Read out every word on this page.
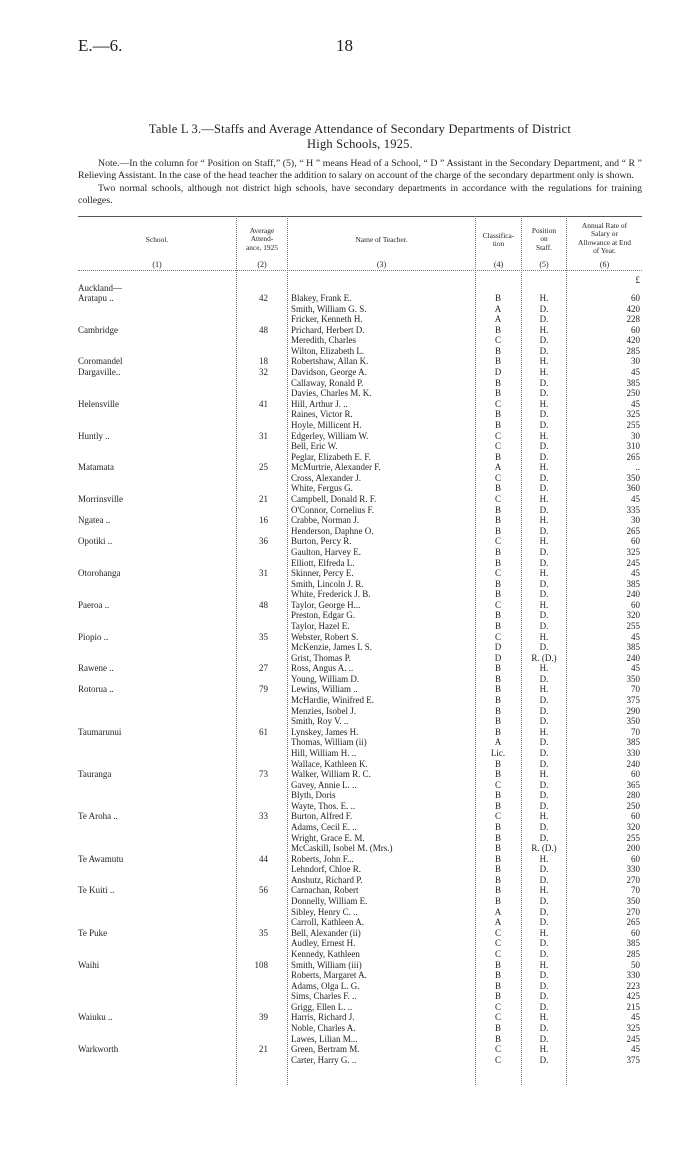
E.—6.	18
Table L 3.—Staffs and Average Attendance of Secondary Departments of District
High Schools, 1925.

Note.—In the column for “ Position on Staff,” (5), “ H ” means Head of a School, “ D ” Assistant in the Secondary Department, and “ R ” Relieving Assistant. In the case of the head teacher the addition to salary on account of the charge of the secondary department only is shown.

Two normal schools, although not district high schools, have secondary departments in accordance with the regulations for training colleges.

School.
Average
Attend-
ance, 1925
Name of Teacher.	Classifica-
tion
Position
on
Staff.
Annual Rate of
Salary or
Allowance at End
of Year.
(1)	(2)	(3)	(4)	(5)	(6)
£
Auckland—
Aratapu ..	42	Blakey, Frank E.	B	H.	60
Smith, William G. S.	A	D.	420
Fricker, Kenneth H.	A	D.	228
Cambridge	48	Prichard, Herbert D.	B	H.	60
Meredith, Charles	C	D.	420
Wilton, Elizabeth L.	B	D.	285
Coromandel	18	Robertshaw, Allan K.	B	H.	30
Dargaville..	32	Davidson, George A.	D	H.	45
Callaway, Ronald P.	B	D.	385
Davies, Charles M. K.	B	D.	250
Helensville	41	Hill, Arthur J. ..	C	H.	45
Raines, Victor R.	B	D.	325
Hoyle, Millicent H.	B	D.	255
Huntly ..	31	Edgerley, William W.	C	H.	30
Bell, Eric W.	C	D.	310
Peglar, Elizabeth E. F.	B	D.	265
Matamata	25	McMurtrie, Alexander F.	A	H.	..
Cross, Alexander J.	C	D.	350
White, Fergus G.	B	D.	360
Morrinsville	21	Campbell, Donald R. F.	C	H.	45
O'Connor, Cornelius F.	B	D.	335
Ngatea ..	16	Crabbe, Norman J.	B	H.	30
Henderson, Daphne O.	B	D.	265
Opotiki ..	36	Burton, Percy R.	C	H.	60
Gaulton, Harvey E.	B	D.	325
Elliott, Elfreda L.	B	D.	245
Otorohanga	31	Skinner, Percy E.	C	H.	45
Smith, Lincoln J. R.	B	D.	385
White, Frederick J. B.	B	D.	240
Paeroa ..	48	Taylor, George H...	C	H.	60
Preston, Edgar G.	B	D.	320
Taylor, Hazel E.	B	D.	255
Piopio ..	35	Webster, Robert S.	C	H.	45
McKenzie, James I. S.	D	D.	385
Grist, Thomas P.	D	R. (D.)	240
Rawene ..	27	Ross, Angus A. ..	B	H.	45
Young, William D.	B	D.	350
Rotorua ..	79	Lewins, William ..	B	H.	70
McHardie, Winifred E.	B	D.	375
Menzies, Isobel J.	B	D.	290
Smith, Roy V. ..	B	D.	350
Taumarunui	61	Lynskey, James H.	B	H.	70
Thomas, William (ii)	A	D.	385
Hill, William H. ..	Lic.	D.	330
Wallace, Kathleen K.	B	D.	240
Tauranga	73	Walker, William R. C.	B	H.	60
Gavey, Annie L. ..	C	D.	365
Blyth, Doris	B	D.	280
Wayte, Thos. E. ..	B	D.	250
Te Aroha ..	33	Burton, Alfred F.	C	H.	60
Adams, Cecil E. ..	B	D.	320
Wright, Grace E. M.	B	D.	255
McCaskill, Isobel M. (Mrs.)	B	R. (D.)	200
Te Awamutu	44	Roberts, John F...	B	H.	60
Lehndorf, Chloe R.	B	D.	330
Anshutz, Richard P.	B	D.	270
Te Kuiti ..	56	Carnachan, Robert	B	H.	70
Donnelly, William E.	B	D.	350
Sibley, Henry C. ..	A	D.	270
Carroll, Kathleen A.	A	D.	265
Te Puke	35	Bell, Alexander (ii)	C	H.	60
Audley, Ernest H.	C	D.	385
Kennedy, Kathleen	C	D.	285
Waihi	108	Smith, William (iii)	B	H.	50
Roberts, Margaret A.	B	D.	330
Adams, Olga L. G.	B	D.	223
Sims, Charles F. ..	B	D.	425
Grigg, Ellen L. ..	C	D.	215
Waiuku ..	39	Harris, Richard J.	C	H.	45
Noble, Charles A.	B	D.	325
Lawes, Lilian M...	B	D.	245
Warkworth	21	Green, Bertram M.	C	H.	45
Carter, Harry G. ..	C	D.	375
